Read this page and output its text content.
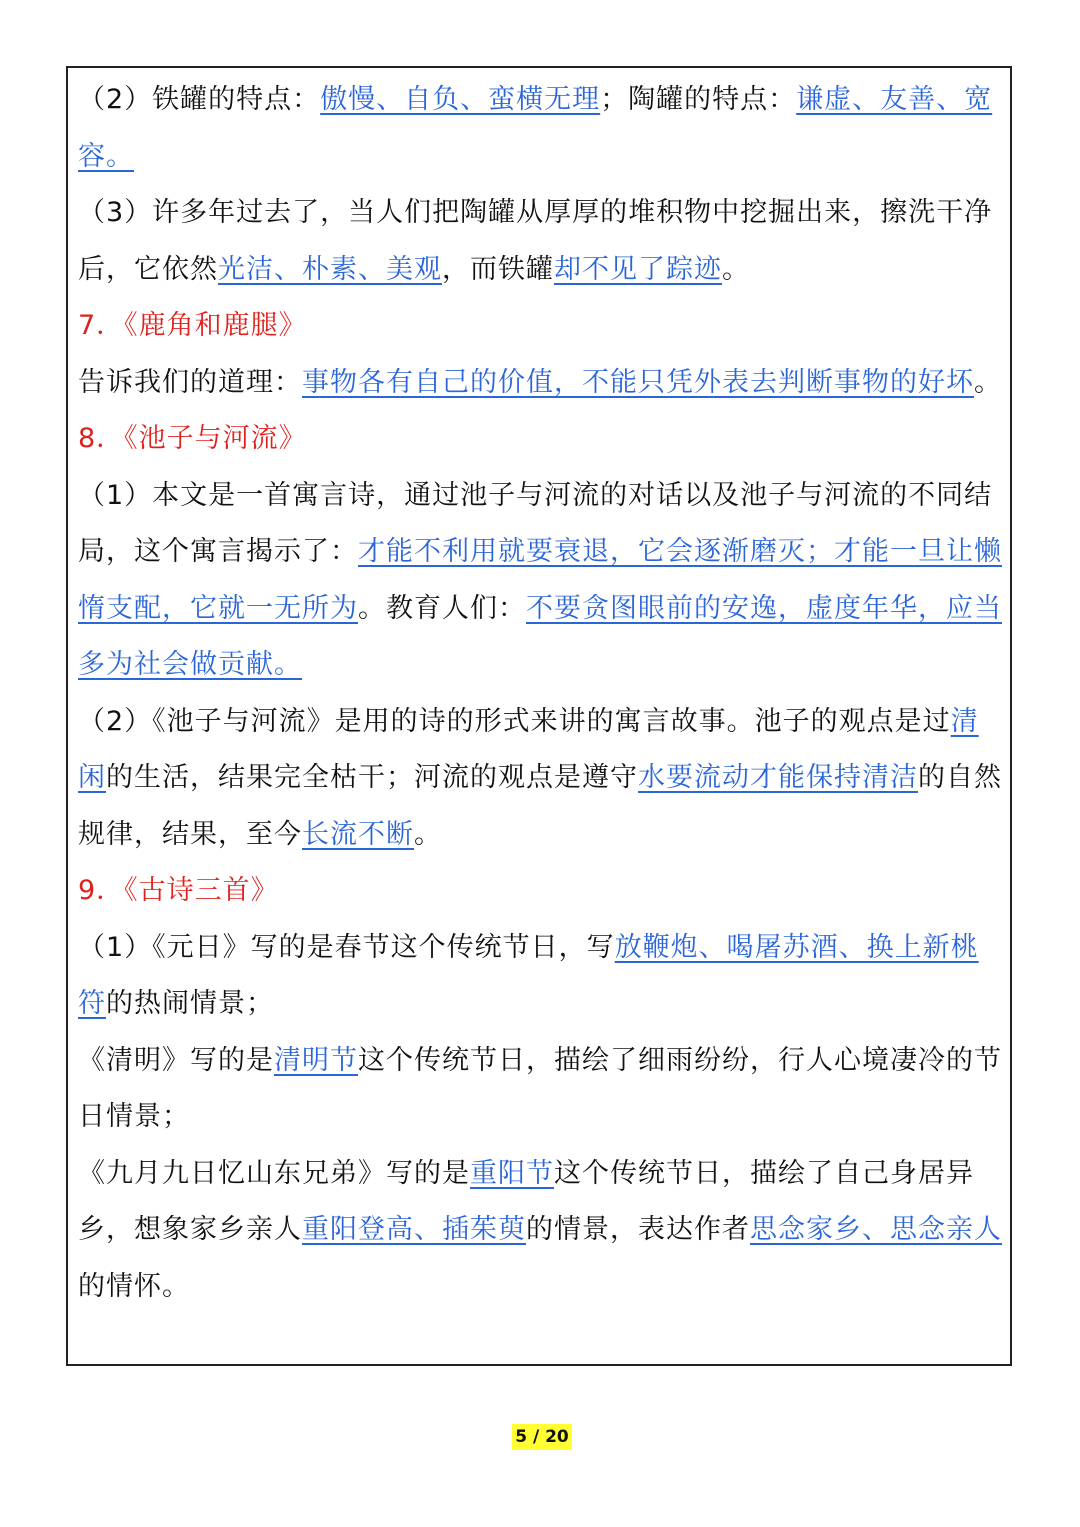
（2）铁罐的特点：傲慢、自负、蛮横无理；陶罐的特点：谦虚、友善、宽容。

（3）许多年过去了，当人们把陶罐从厚厚的堆积物中挖掘出来，擦洗干净后，它依然光洁、朴素、美观，而铁罐却不见了踪迹。

7．《鹿角和鹿腿》

告诉我们的道理：事物各有自己的价值，不能只凭外表去判断事物的好坏。

8．《池子与河流》

（1）本文是一首寓言诗，通过池子与河流的对话以及池子与河流的不同结局，这个寓言揭示了：才能不利用就要衰退，它会逐渐磨灭；才能一旦让懒惰支配，它就一无所为。教育人们：不要贪图眼前的安逸，虚度年华，应当多为社会做贡献。

（2）《池子与河流》是用的诗的形式来讲的寓言故事。池子的观点是过清闲的生活，结果完全枯干；河流的观点是遵守水要流动才能保持清洁的自然规律，结果，至今长流不断。

9．《古诗三首》

（1）《元日》写的是春节这个传统节日，写放鞭炮、喝屠苏酒、换上新桃符的热闹情景；

《清明》写的是清明节这个传统节日，描绘了细雨纷纷，行人心境凄冷的节日情景；

《九月九日忆山东兄弟》写的是重阳节这个传统节日，描绘了自己身居异乡，想象家乡亲人重阳登高、插茱萸的情景，表达作者思念家乡、思念亲人的情怀。

5 / 20
